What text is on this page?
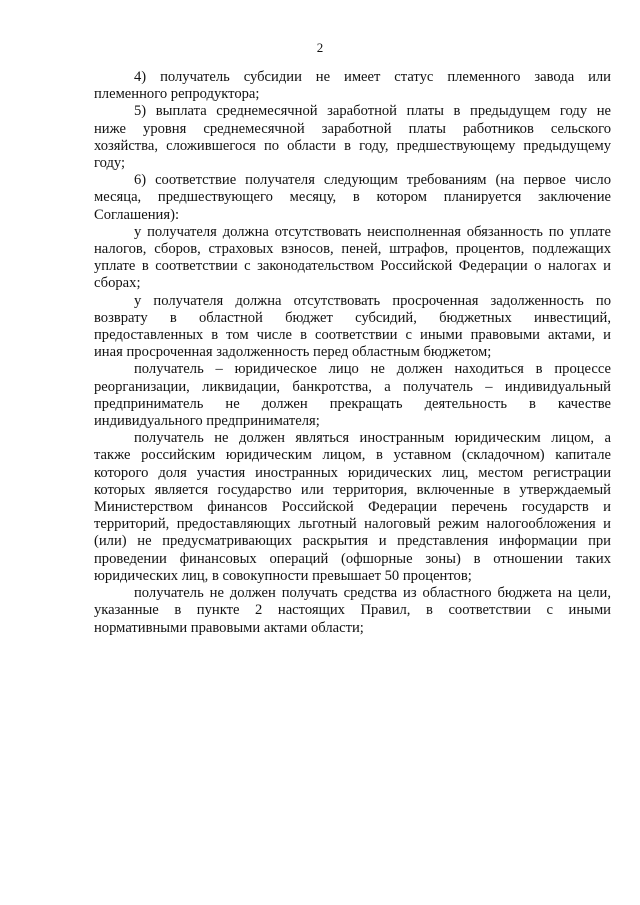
2
4) получатель субсидии не имеет статус племенного завода или
племенного репродуктора;
5) выплата среднемесячной заработной платы в предыдущем году не
ниже уровня среднемесячной заработной платы работников сельского
хозяйства, сложившегося по области в году, предшествующему предыдущему
году;
6) соответствие получателя следующим требованиям (на первое число
месяца, предшествующего месяцу, в котором планируется заключение
Соглашения):
у получателя должна отсутствовать неисполненная обязанность по уплате
налогов, сборов, страховых взносов, пеней, штрафов, процентов, подлежащих
уплате в соответствии с законодательством Российской Федерации о налогах и
сборах;
у получателя должна отсутствовать просроченная задолженность по
возврату в областной бюджет субсидий, бюджетных инвестиций,
предоставленных в том числе в соответствии с иными правовыми актами, и
иная просроченная задолженность перед областным бюджетом;
получатель – юридическое лицо не должен находиться в процессе
реорганизации, ликвидации, банкротства, а получатель – индивидуальный
предприниматель не должен прекращать деятельность в качестве
индивидуального предпринимателя;
получатель не должен являться иностранным юридическим лицом, а
также российским юридическим лицом, в уставном (складочном) капитале
которого доля участия иностранных юридических лиц, местом регистрации
которых является государство или территория, включенные в утверждаемый
Министерством финансов Российской Федерации перечень государств и
территорий, предоставляющих льготный налоговый режим налогообложения и
(или) не предусматривающих раскрытия и представления информации при
проведении финансовых операций (офшорные зоны) в отношении таких
юридических лиц, в совокупности превышает 50 процентов;
получатель не должен получать средства из областного бюджета на цели,
указанные в пункте 2 настоящих Правил, в соответствии с иными
нормативными правовыми актами области;
